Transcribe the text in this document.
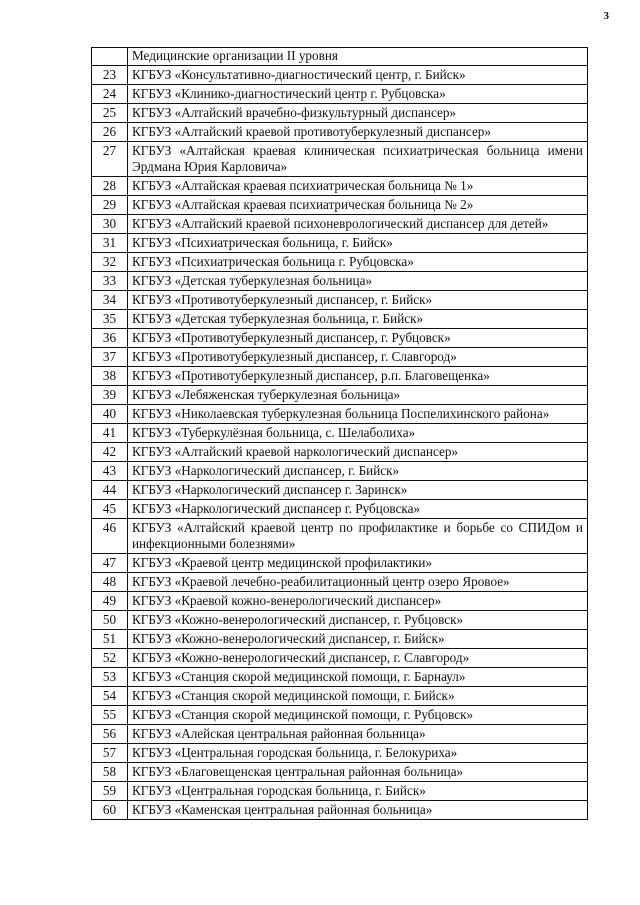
3
	Медицинские организации II уровня
23	КГБУЗ «Консультативно-диагностический центр, г. Бийск»
24	КГБУЗ «Клинико-диагностический центр г. Рубцовска»
25	КГБУЗ «Алтайский врачебно-физкультурный диспансер»
26	КГБУЗ «Алтайский краевой противотуберкулезный диспансер»
27	КГБУЗ «Алтайская краевая клиническая психиатрическая больница имени Эрдмана Юрия Карловича»
28	КГБУЗ «Алтайская краевая психиатрическая больница № 1»
29	КГБУЗ «Алтайская краевая психиатрическая больница № 2»
30	КГБУЗ «Алтайский краевой психоневрологический диспансер для детей»
31	КГБУЗ «Психиатрическая больница, г. Бийск»
32	КГБУЗ «Психиатрическая больница г. Рубцовска»
33	КГБУЗ «Детская туберкулезная больница»
34	КГБУЗ «Противотуберкулезный диспансер, г. Бийск»
35	КГБУЗ «Детская туберкулезная больница, г. Бийск»
36	КГБУЗ «Противотуберкулезный диспансер, г. Рубцовск»
37	КГБУЗ «Противотуберкулезный диспансер, г. Славгород»
38	КГБУЗ «Противотуберкулезный диспансер, р.п. Благовещенка»
39	КГБУЗ «Лебяженская туберкулезная больница»
40	КГБУЗ «Николаевская туберкулезная больница Поспелихинского района»
41	КГБУЗ «Туберкулёзная больница, с. Шелаболиха»
42	КГБУЗ «Алтайский краевой наркологический диспансер»
43	КГБУЗ «Наркологический диспансер, г. Бийск»
44	КГБУЗ «Наркологический диспансер г. Заринск»
45	КГБУЗ «Наркологический диспансер г. Рубцовска»
46	КГБУЗ «Алтайский краевой центр по профилактике и борьбе со СПИДом и инфекционными болезнями»
47	КГБУЗ «Краевой центр медицинской профилактики»
48	КГБУЗ «Краевой лечебно-реабилитационный центр озеро Яровое»
49	КГБУЗ «Краевой кожно-венерологический диспансер»
50	КГБУЗ «Кожно-венерологический диспансер, г. Рубцовск»
51	КГБУЗ «Кожно-венерологический диспансер, г. Бийск»
52	КГБУЗ «Кожно-венерологический диспансер, г. Славгород»
53	КГБУЗ «Станция скорой медицинской помощи, г. Барнаул»
54	КГБУЗ «Станция скорой медицинской помощи, г. Бийск»
55	КГБУЗ «Станция скорой медицинской помощи, г. Рубцовск»
56	КГБУЗ «Алейская центральная районная больница»
57	КГБУЗ «Центральная городская больница, г. Белокуриха»
58	КГБУЗ «Благовещенская центральная районная больница»
59	КГБУЗ «Центральная городская больница, г. Бийск»
60	КГБУЗ «Каменская центральная районная больница»
